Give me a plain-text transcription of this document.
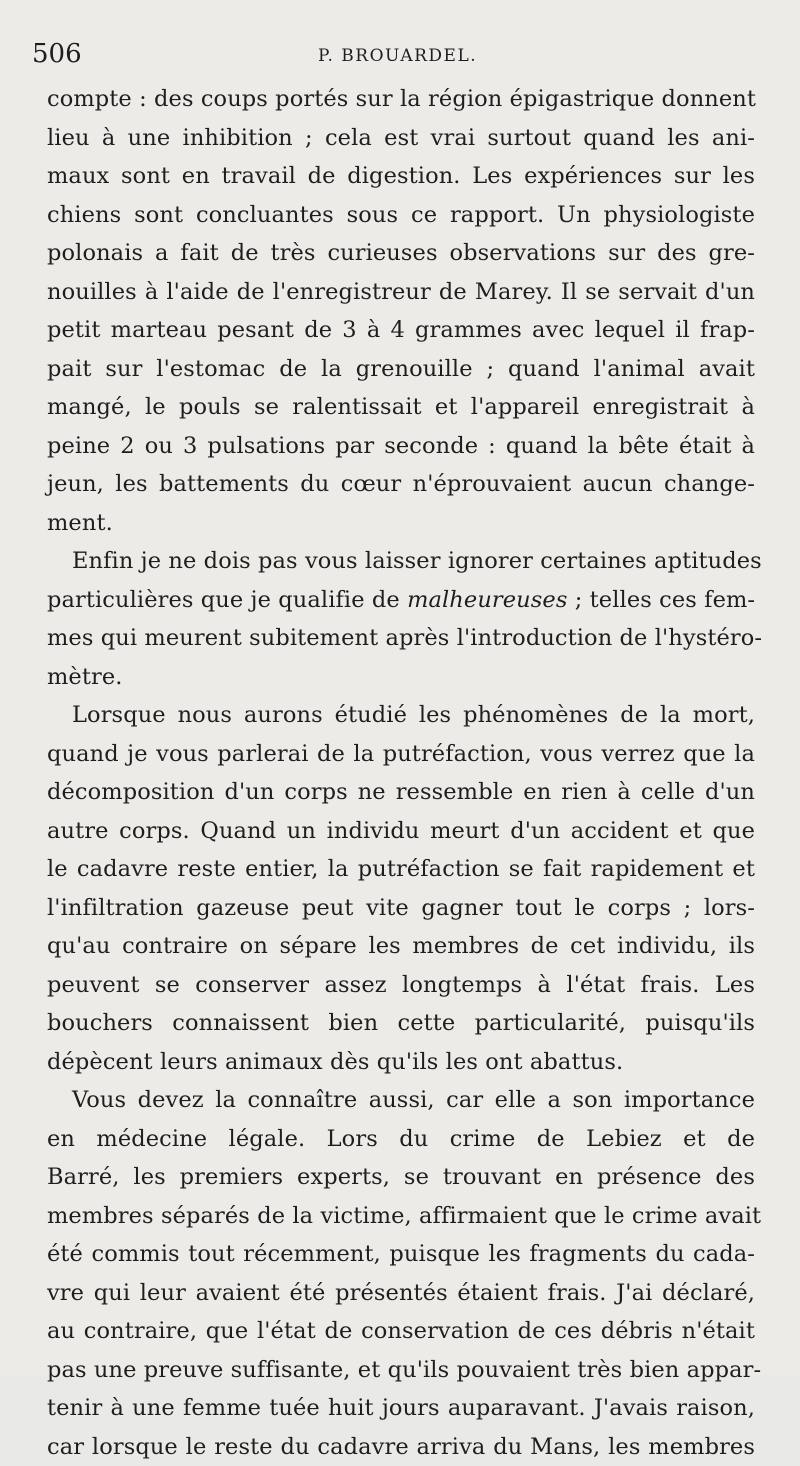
506	P. BROUARDEL.
compte : des coups portés sur la région épigastrique donnent
lieu à une inhibition ; cela est vrai surtout quand les ani-
maux sont en travail de digestion. Les expériences sur les
chiens sont concluantes sous ce rapport. Un physiologiste
polonais a fait de très curieuses observations sur des gre-
nouilles à l'aide de l'enregistreur de Marey. Il se servait d'un
petit marteau pesant de 3 à 4 grammes avec lequel il frap-
pait sur l'estomac de la grenouille ; quand l'animal avait
mangé, le pouls se ralentissait et l'appareil enregistrait à
peine 2 ou 3 pulsations par seconde : quand la bête était à
jeun, les battements du cœur n'éprouvaient aucun change-
ment.
Enfin je ne dois pas vous laisser ignorer certaines aptitudes
particulières que je qualifie de malheureuses ; telles ces fem-
mes qui meurent subitement après l'introduction de l'hystéro-
mètre.
Lorsque nous aurons étudié les phénomènes de la mort,
quand je vous parlerai de la putréfaction, vous verrez que la
décomposition d'un corps ne ressemble en rien à celle d'un
autre corps. Quand un individu meurt d'un accident et que
le cadavre reste entier, la putréfaction se fait rapidement et
l'infiltration gazeuse peut vite gagner tout le corps ; lors-
qu'au contraire on sépare les membres de cet individu, ils
peuvent se conserver assez longtemps à l'état frais. Les
bouchers connaissent bien cette particularité, puisqu'ils
dépècent leurs animaux dès qu'ils les ont abattus.
Vous devez la connaître aussi, car elle a son importance
en médecine légale. Lors du crime de Lebiez et de
Barré, les premiers experts, se trouvant en présence des
membres séparés de la victime, affirmaient que le crime avait
été commis tout récemment, puisque les fragments du cada-
vre qui leur avaient été présentés étaient frais. J'ai déclaré,
au contraire, que l'état de conservation de ces débris n'était
pas une preuve suffisante, et qu'ils pouvaient très bien appar-
tenir à une femme tuée huit jours auparavant. J'avais raison,
car lorsque le reste du cadavre arriva du Mans, les membres
